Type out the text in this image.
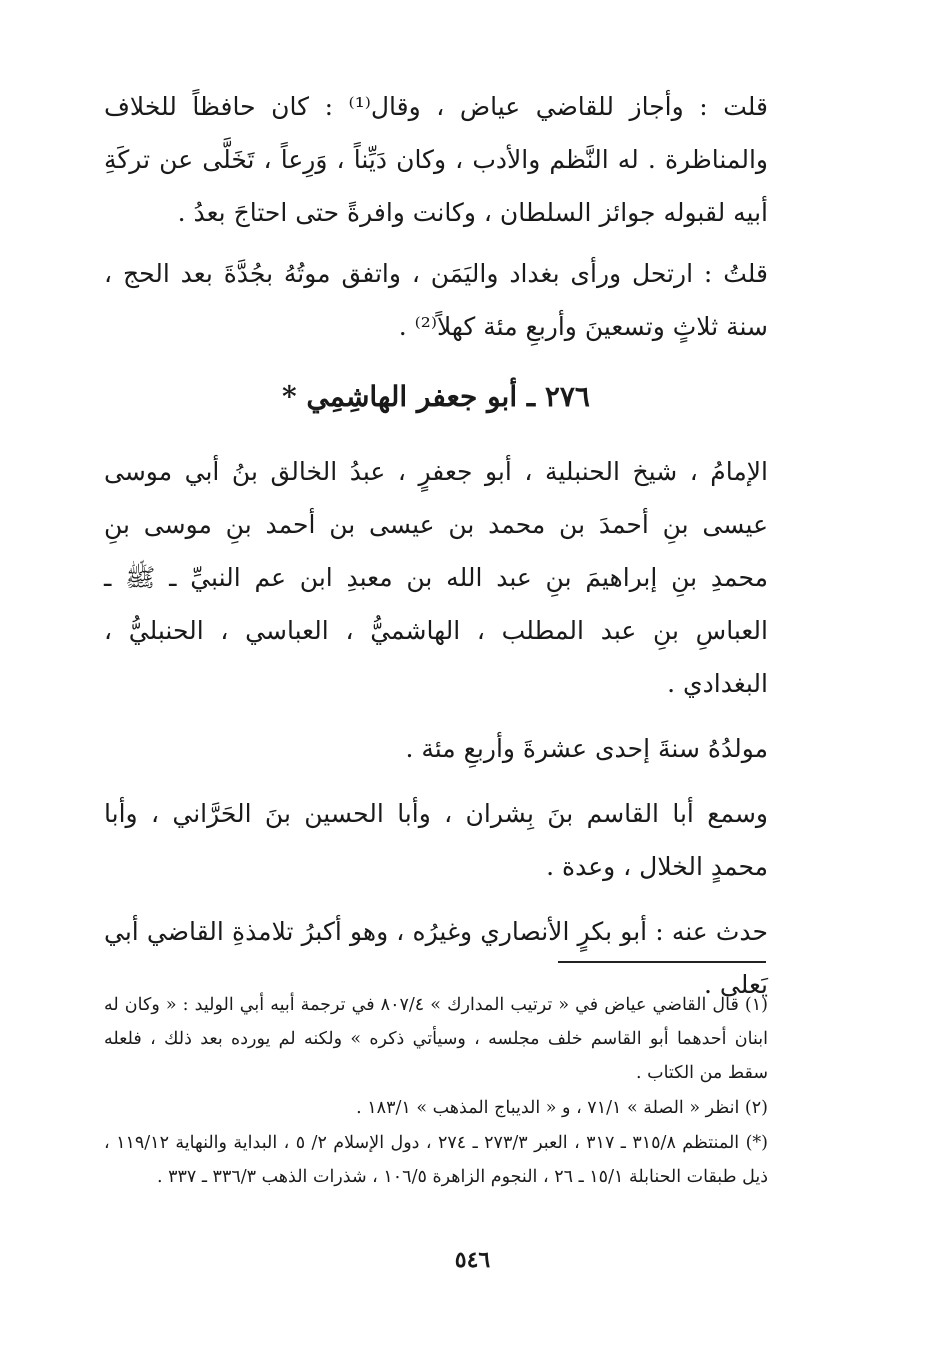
قلت : وأجاز للقاضي عياض ، وقال⁽¹⁾ : كان حافظاً للخلاف والمناظرة . له النَّظم والأدب ، وكان دَيِّناً ، وَرِعاً ، تَخَلَّى عن تركَةِ أبيه لقبوله جوائز السلطان ، وكانت وافرةً حتى احتاجَ بعدُ .

قلتُ : ارتحل ورأى بغداد واليَمَن ، واتفق موتُهُ بجُدَّةَ بعد الحج ، سنة ثلاثٍ وتسعينَ وأربعِ مئة كهلاً⁽²⁾ .

٢٧٦ ـ أبو جعفر الهاشِمِي *

الإمامُ ، شيخ الحنبلية ، أبو جعفرٍ ، عبدُ الخالق بنُ أبي موسى عيسى بنِ أحمدَ بن محمد بن عيسى بن أحمد بنِ موسى بنِ محمدِ بنِ إبراهيمَ بنِ عبد الله بن معبدِ ابن عم النبيِّ ـ ﷺ ـ العباسِ بنِ عبد المطلب ، الهاشميُّ ، العباسي ، الحنبليُّ ، البغدادي .

مولدُهُ سنةَ إحدى عشرةَ وأربعِ مئة .

وسمع أبا القاسم بنَ بِشران ، وأبا الحسين بنَ الحَرَّاني ، وأبا محمدٍ الخلال ، وعدة .

حدث عنه : أبو بكرٍ الأنصاري وغيرُه ، وهو أكبرُ تلامذةِ القاضي أبي يَعلى .

(١) قال القاضي عياض في « ترتيب المدارك » ٨٠٧/٤ في ترجمة أبيه أبي الوليد : « وكان له ابنان أحدهما أبو القاسم خلف مجلسه ، وسيأتي ذكره » ولكنه لم يورده بعد ذلك ، فلعله سقط من الكتاب .

(٢) انظر « الصلة » ٧١/١ ، و « الديباج المذهب » ١٨٣/١ .

(*) المنتظم ٣١٥/٨ ـ ٣١٧ ، العبر ٢٧٣/٣ ـ ٢٧٤ ، دول الإسلام ٢/ ٥ ، البداية والنهاية ١١٩/١٢ ، ذيل طبقات الحنابلة ١٥/١ ـ ٢٦ ، النجوم الزاهرة ١٠٦/٥ ، شذرات الذهب ٣٣٦/٣ ـ ٣٣٧ .

٥٤٦
